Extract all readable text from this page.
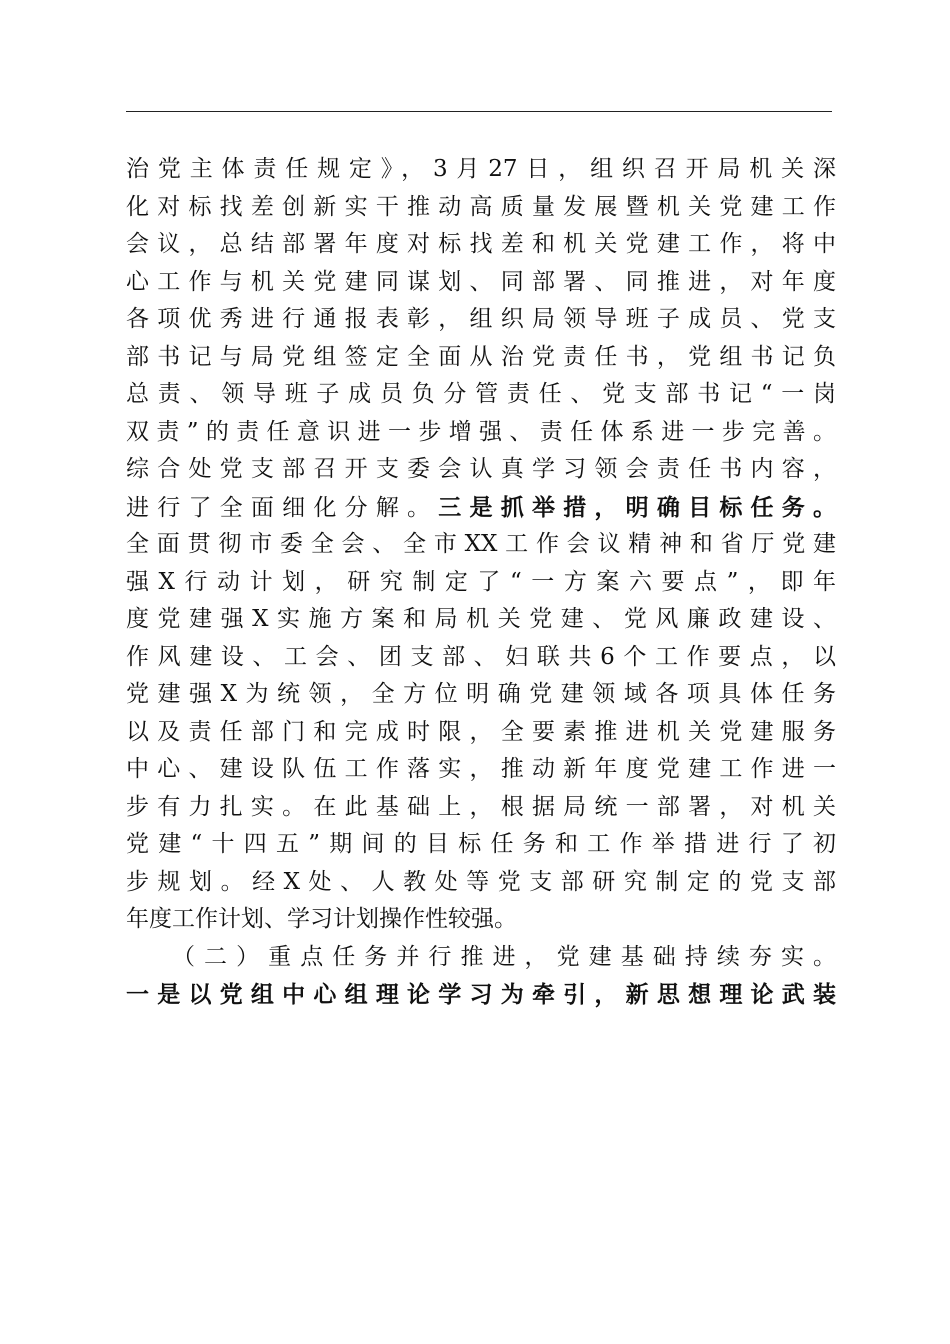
治党主体责任规定》，3月27日，组织召开局机关深
化对标找差创新实干推动高质量发展暨机关党建工作
会议，总结部署年度对标找差和机关党建工作，将中
心工作与机关党建同谋划、同部署、同推进，对年度
各项优秀进行通报表彰，组织局领导班子成员、党支
部书记与局党组签定全面从治党责任书，党组书记负
总责、领导班子成员负分管责任、党支部书记“一岗
双责”的责任意识进一步增强、责任体系进一步完善。
综合处党支部召开支委会认真学习领会责任书内容，
进行了全面细化分解。三是抓举措，明确目标任务。
全面贯彻市委全会、全市XX工作会议精神和省厅党建
强X行动计划，研究制定了“一方案六要点”，即年
度党建强X实施方案和局机关党建、党风廉政建设、
作风建设、工会、团支部、妇联共6个工作要点，以
党建强X为统领，全方位明确党建领域各项具体任务
以及责任部门和完成时限，全要素推进机关党建服务
中心、建设队伍工作落实，推动新年度党建工作进一
步有力扎实。在此基础上，根据局统一部署，对机关
党建“十四五”期间的目标任务和工作举措进行了初
步规划。经X处、人教处等党支部研究制定的党支部
年度工作计划、学习计划操作性较强。
（二）重点任务并行推进，党建基础持续夯实。
一是以党组中心组理论学习为牵引，新思想理论武装
